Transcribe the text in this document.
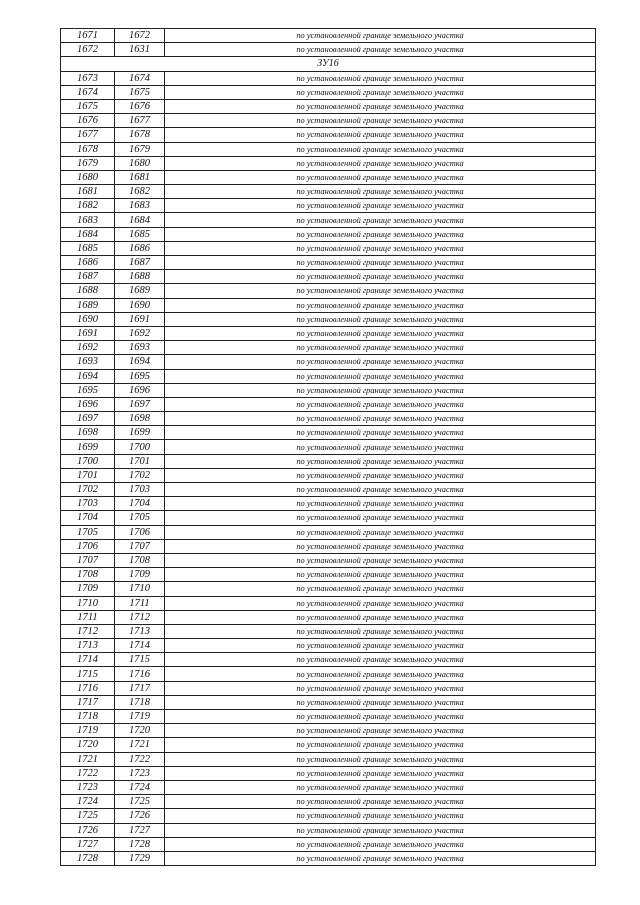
1671	1672	по установленной границе земельного участка
1672	1631	по установленной границе земельного участка
ЗУ16		
1673	1674	по установленной границе земельного участка
1674	1675	по установленной границе земельного участка
1675	1676	по установленной границе земельного участка
1676	1677	по установленной границе земельного участка
1677	1678	по установленной границе земельного участка
1678	1679	по установленной границе земельного участка
1679	1680	по установленной границе земельного участка
1680	1681	по установленной границе земельного участка
1681	1682	по установленной границе земельного участка
1682	1683	по установленной границе земельного участка
1683	1684	по установленной границе земельного участка
1684	1685	по установленной границе земельного участка
1685	1686	по установленной границе земельного участка
1686	1687	по установленной границе земельного участка
1687	1688	по установленной границе земельного участка
1688	1689	по установленной границе земельного участка
1689	1690	по установленной границе земельного участка
1690	1691	по установленной границе земельного участка
1691	1692	по установленной границе земельного участка
1692	1693	по установленной границе земельного участка
1693	1694	по установленной границе земельного участка
1694	1695	по установленной границе земельного участка
1695	1696	по установленной границе земельного участка
1696	1697	по установленной границе земельного участка
1697	1698	по установленной границе земельного участка
1698	1699	по установленной границе земельного участка
1699	1700	по установленной границе земельного участка
1700	1701	по установленной границе земельного участка
1701	1702	по установленной границе земельного участка
1702	1703	по установленной границе земельного участка
1703	1704	по установленной границе земельного участка
1704	1705	по установленной границе земельного участка
1705	1706	по установленной границе земельного участка
1706	1707	по установленной границе земельного участка
1707	1708	по установленной границе земельного участка
1708	1709	по установленной границе земельного участка
1709	1710	по установленной границе земельного участка
1710	1711	по установленной границе земельного участка
1711	1712	по установленной границе земельного участка
1712	1713	по установленной границе земельного участка
1713	1714	по установленной границе земельного участка
1714	1715	по установленной границе земельного участка
1715	1716	по установленной границе земельного участка
1716	1717	по установленной границе земельного участка
1717	1718	по установленной границе земельного участка
1718	1719	по установленной границе земельного участка
1719	1720	по установленной границе земельного участка
1720	1721	по установленной границе земельного участка
1721	1722	по установленной границе земельного участка
1722	1723	по установленной границе земельного участка
1723	1724	по установленной границе земельного участка
1724	1725	по установленной границе земельного участка
1725	1726	по установленной границе земельного участка
1726	1727	по установленной границе земельного участка
1727	1728	по установленной границе земельного участка
1728	1729	по установленной границе земельного участка
